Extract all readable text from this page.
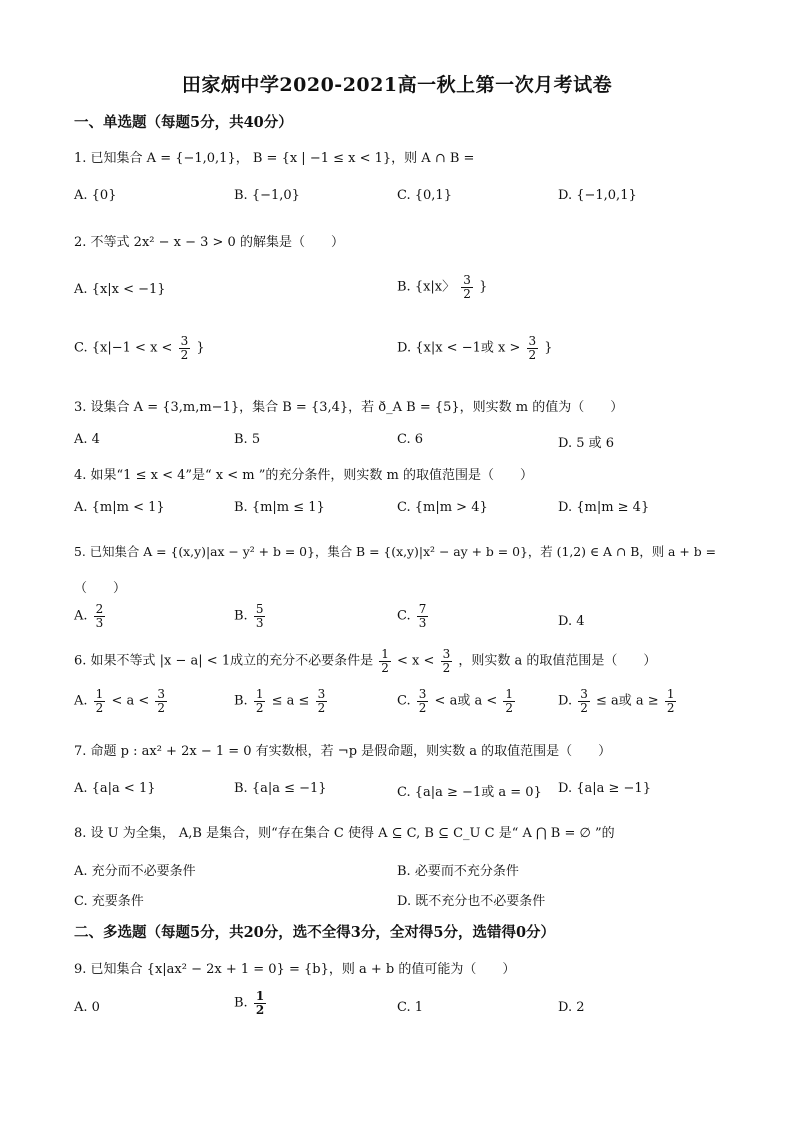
田家炳中学2020-2021高一秋上第一次月考试卷
一、单选题（每题5分，共40分）
1. 已知集合 A = {−1,0,1}， B = {x | −1 ≤ x < 1}，则 A ∩ B =
A. {0}	B. {−1,0}	C. {0,1}	D. {−1,0,1}
2. 不等式 2x² − x − 3 > 0 的解集是（　　）
A. {x|x < −1}	B. {x|x〉 $\frac{3}{2}$ }
C. {$x|-1 < x < \frac{3}{2}$ }	D. {x|x < −1或 $x > \frac{3}{2}$ }
3. 设集合 A = {3,m,m−1}，集合 B = {3,4}，若 ð_A B = {5}，则实数 m 的值为（　　）
A. 4	B. 5	C. 6	D. 5 或 6
4. 如果“1 ≤ x < 4”是“ x < m ”的充分条件，则实数 m 的取值范围是（　　）
A. {m|m < 1}	B. {m|m ≤ 1}	C. {m|m > 4}	D. {m|m ≥ 4}
5. 已知集合 A = {(x,y)|ax − y² + b = 0}，集合 B = {(x,y)|x² − ay + b = 0}，若 (1,2) ∈ A ∩ B，则 a + b =
（　　）
A. $\frac{2}{3}$	B. $\frac{5}{3}$	C. $\frac{7}{3}$	D. 4
6. 如果不等式 |x − a| < 1成立的充分不必要条件是 $\frac{1}{2} < x < \frac{3}{2}$ ，则实数 a 的取值范围是（　　）
A. $\frac{1}{2} < a < \frac{3}{2}$	B. $\frac{1}{2} \le a \le \frac{3}{2}$	C. $\frac{3}{2} < a$或 $a < \frac{1}{2}$	D. $\frac{3}{2} \le a$或 $a \ge \frac{1}{2}$
7. 命题 p : ax² + 2x − 1 = 0 有实数根，若 ¬p 是假命题，则实数 a 的取值范围是（　　）
A. {a|a < 1}	B. {a|a ≤ −1}	C. {a|a ≥ −1或 a = 0} D. {a|a ≥ −1}
8. 设 U 为全集， A,B 是集合，则“存在集合 C 使得 A ⊆ C, B ⊆ C_U C 是“ A ⋂ B = ∅ ”的
A. 充分而不必要条件	B. 必要而不充分条件
C. 充要条件	D. 既不充分也不必要条件
二、多选题（每题5分，共20分，选不全得3分，全对得5分，选错得0分）
9. 已知集合 {x|ax² − 2x + 1 = 0} = {b}，则 a + b 的值可能为（　　）
A. 0	B. $\frac{1}{2}$	C. 1	D. 2
